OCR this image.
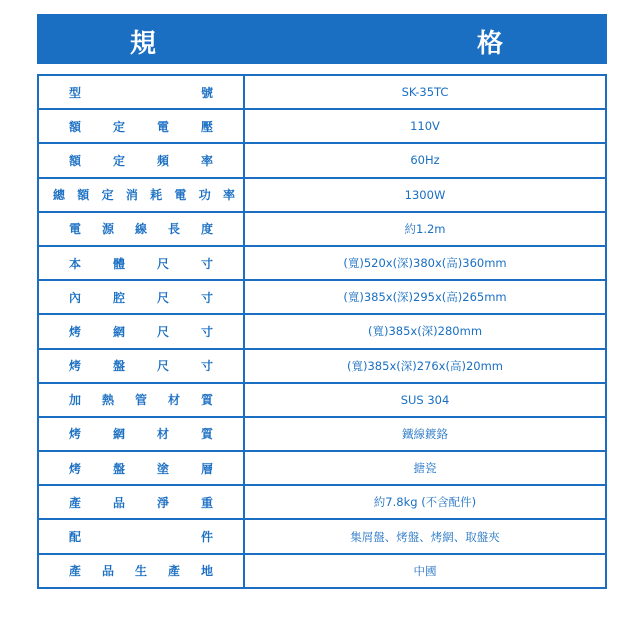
規	格
型　號	SK-35TC
額定電壓	110V
額定頻率	60Hz
總額定消耗電功率	1300W
電源線長度	約1.2m
本體尺寸	(寬)520x(深)380x(高)360mm
內腔尺寸	(寬)385x(深)295x(高)265mm
烤網尺寸	(寬)385x(深)280mm
烤盤尺寸	(寬)385x(深)276x(高)20mm
加熱管材質	SUS 304
烤網材質	鐵線鍍鉻
烤盤塗層	搪瓷
產品淨重	約7.8kg (不含配件)
配　件	集屑盤、烤盤、烤網、取盤夾
產品生產地	中國
